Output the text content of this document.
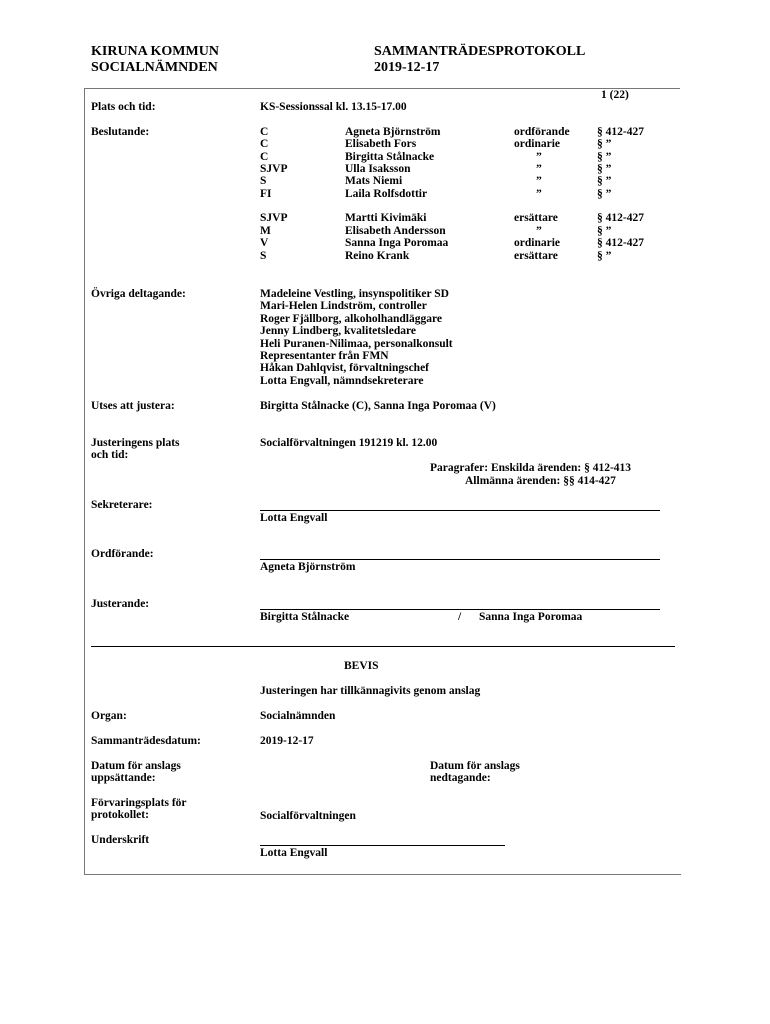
KIRUNA KOMMUN
SOCIALNÄMNDEN
SAMMANTRÄDESPROTOKOLL
2019-12-17
1 (22)
Plats och tid:	KS-Sessionssal kl. 13.15-17.00
Beslutande:	C	Agneta Björnström	ordförande § 412-427
C	Elisabeth Fors	ordinarie	§ ”
C	Birgitta Stålnacke	”	§ ”
SJVP	Ulla Isaksson	”	§ ”
S	Mats Niemi	”	§ ”
FI	Laila Rolfsdottir	”	§ ”
SJVP	Martti Kivimäki	ersättare	§ 412-427
M	Elisabeth Andersson	”	§ ”
V	Sanna Inga Poromaa	ordinarie	§ 412-427
S	Reino Krank	ersättare	§ ”
Övriga deltagande:	Madeleine Vestling, insynspolitiker SD
Mari-Helen Lindström, controller
Roger Fjällborg, alkoholhandläggare
Jenny Lindberg, kvalitetsledare
Heli Puranen-Nilimaa, personalkonsult
Representanter från FMN
Håkan Dahlqvist, förvaltningschef
Lotta Engvall, nämndsekreterare
Utses att justera:	Birgitta Stålnacke (C), Sanna Inga Poromaa (V)
Justeringens plats
och tid:
Socialförvaltningen 191219 kl. 12.00
Paragrafer: Enskilda ärenden: § 412-413
Allmänna ärenden: §§ 414-427
Sekreterare:
Lotta Engvall
Ordförande:
Agneta Björnström
Justerande:
Birgitta Stålnacke	/ Sanna Inga Poromaa
BEVIS
Justeringen har tillkännagivits genom anslag
Organ:	Socialnämnden
Sammanträdesdatum:	2019-12-17
Datum för anslags
uppsättande:
Datum för anslags
nedtagande:
Förvaringsplats för
protokollet:	Socialförvaltningen
Underskrift
Lotta Engvall
